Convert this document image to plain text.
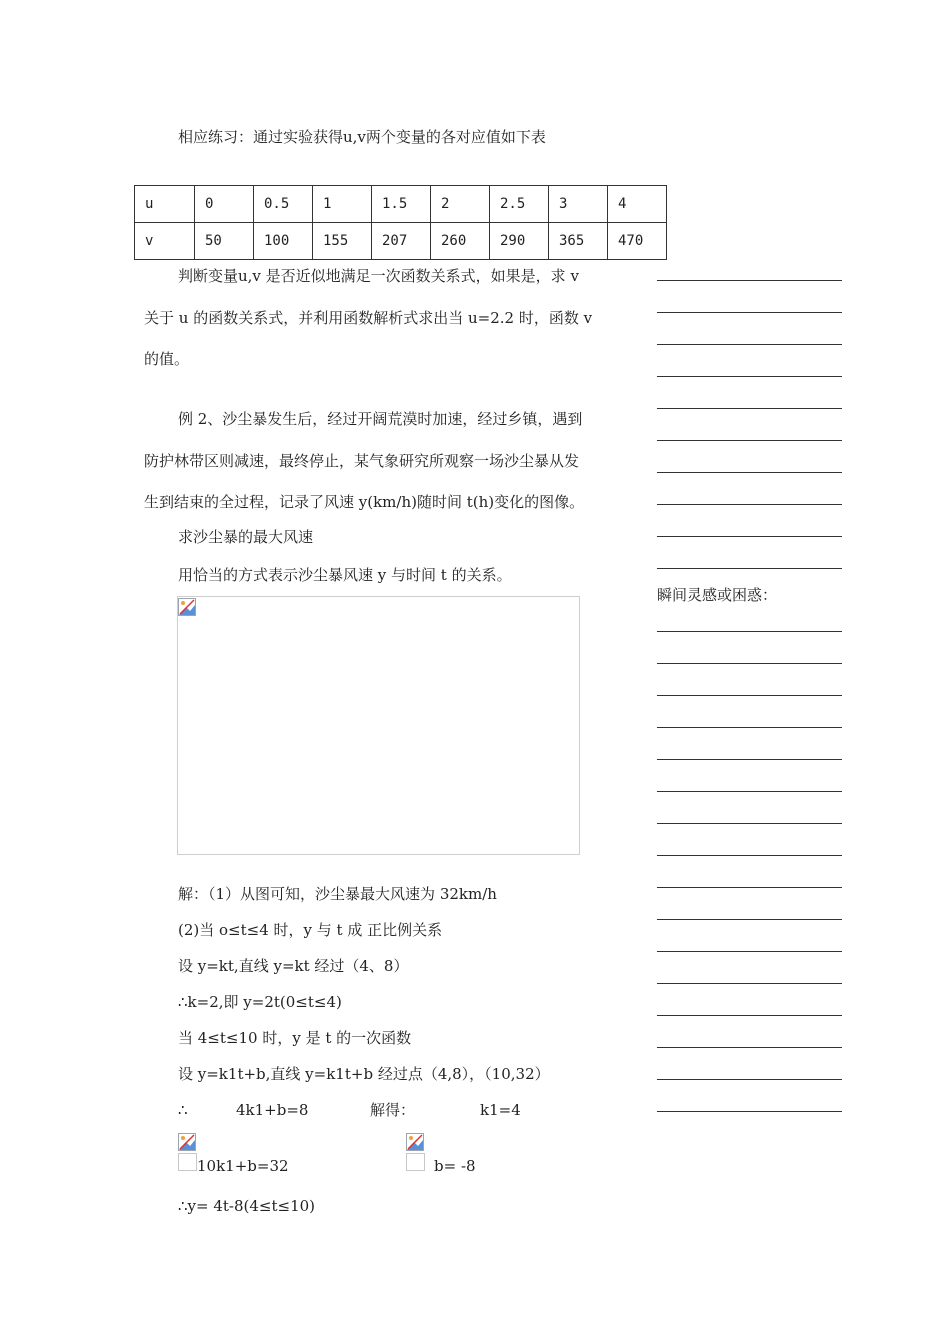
相应练习：通过实验获得u,v两个变量的各对应值如下表
u	0	0.5	1	1.5	2	2.5	3	4
v	50	100	155	207	260	290	365	470
判断变量u,v 是否近似地满足一次函数关系式，如果是，求 v
关于 u 的函数关系式，并利用函数解析式求出当 u=2.2 时，函数 v
的值。
例 2、沙尘暴发生后，经过开阔荒漠时加速，经过乡镇，遇到
防护林带区则减速，最终停止，某气象研究所观察一场沙尘暴从发
生到结束的全过程，记录了风速 y(km/h)随时间 t(h)变化的图像。
求沙尘暴的最大风速
用恰当的方式表示沙尘暴风速 y 与时间 t 的关系。
解：（1）从图可知，沙尘暴最大风速为 32km/h
(2)当 o≤t≤4 时，y 与 t 成 正比例关系
设 y=kt,直线 y=kt 经过（4、8）
∴k=2,即 y=2t(0≤t≤4)
当 4≤t≤10 时，y 是 t 的一次函数
设 y=k1t+b,直线 y=k1t+b 经过点（4,8），（10,32）
∴	4k1+b=8	解得：	k1=4
10k1+b=32	b= -8
∴y= 4t-8(4≤t≤10)
瞬间灵感或困惑：
